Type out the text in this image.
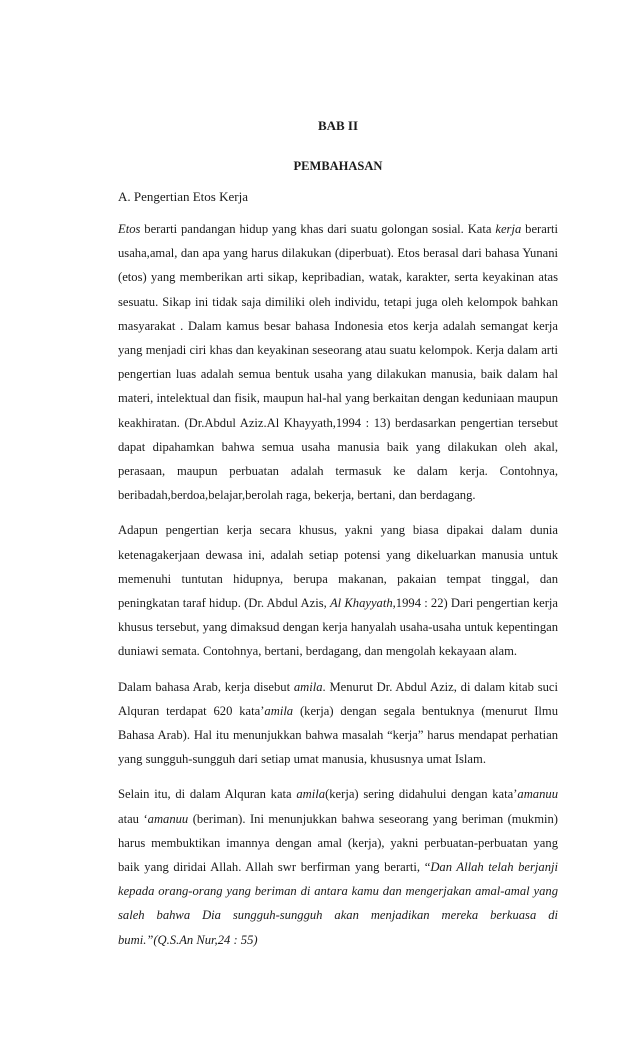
BAB II

PEMBAHASAN

A. Pengertian Etos Kerja

Etos berarti pandangan hidup yang khas dari suatu golongan sosial. Kata kerja berarti usaha,amal, dan apa yang harus dilakukan (diperbuat). Etos berasal dari bahasa Yunani (etos) yang memberikan arti sikap, kepribadian, watak, karakter, serta keyakinan atas sesuatu. Sikap ini tidak saja dimiliki oleh individu, tetapi juga oleh kelompok bahkan masyarakat . Dalam kamus besar bahasa Indonesia etos kerja adalah semangat kerja yang menjadi ciri khas dan keyakinan seseorang atau suatu kelompok. Kerja dalam arti pengertian luas adalah semua bentuk usaha yang dilakukan manusia, baik dalam hal materi, intelektual dan fisik, maupun hal-hal yang berkaitan dengan keduniaan maupun keakhiratan. (Dr.Abdul Aziz.Al Khayyath,1994 : 13) berdasarkan pengertian tersebut dapat dipahamkan bahwa semua usaha manusia baik yang dilakukan oleh akal, perasaan, maupun perbuatan adalah termasuk ke dalam kerja. Contohnya, beribadah,berdoa,belajar,berolah raga, bekerja, bertani, dan berdagang.

Adapun pengertian kerja secara khusus, yakni yang biasa dipakai dalam dunia ketenagakerjaan dewasa ini, adalah setiap potensi yang dikeluarkan manusia untuk memenuhi tuntutan hidupnya, berupa makanan, pakaian tempat tinggal, dan peningkatan taraf hidup. (Dr. Abdul Azis, Al Khayyath,1994 : 22) Dari pengertian kerja khusus tersebut, yang dimaksud dengan kerja hanyalah usaha-usaha untuk kepentingan duniawi semata. Contohnya, bertani, berdagang, dan mengolah kekayaan alam.

Dalam bahasa Arab, kerja disebut amila. Menurut Dr. Abdul Aziz, di dalam kitab suci Alquran terdapat 620 kata’amila (kerja) dengan segala bentuknya (menurut Ilmu Bahasa Arab). Hal itu menunjukkan bahwa masalah “kerja” harus mendapat perhatian yang sungguh-sungguh dari setiap umat manusia, khususnya umat Islam.

Selain itu, di dalam Alquran kata amila(kerja) sering didahului dengan kata’amanuu atau ‘amanuu (beriman). Ini menunjukkan bahwa seseorang yang beriman (mukmin) harus membuktikan imannya dengan amal (kerja), yakni perbuatan-perbuatan yang baik yang diridai Allah. Allah swr berfirman yang berarti, “Dan Allah telah berjanji kepada orang-orang yang beriman di antara kamu dan mengerjakan amal-amal yang saleh bahwa Dia sungguh-sungguh akan menjadikan mereka berkuasa di bumi.”(Q.S.An Nur,24 : 55)
